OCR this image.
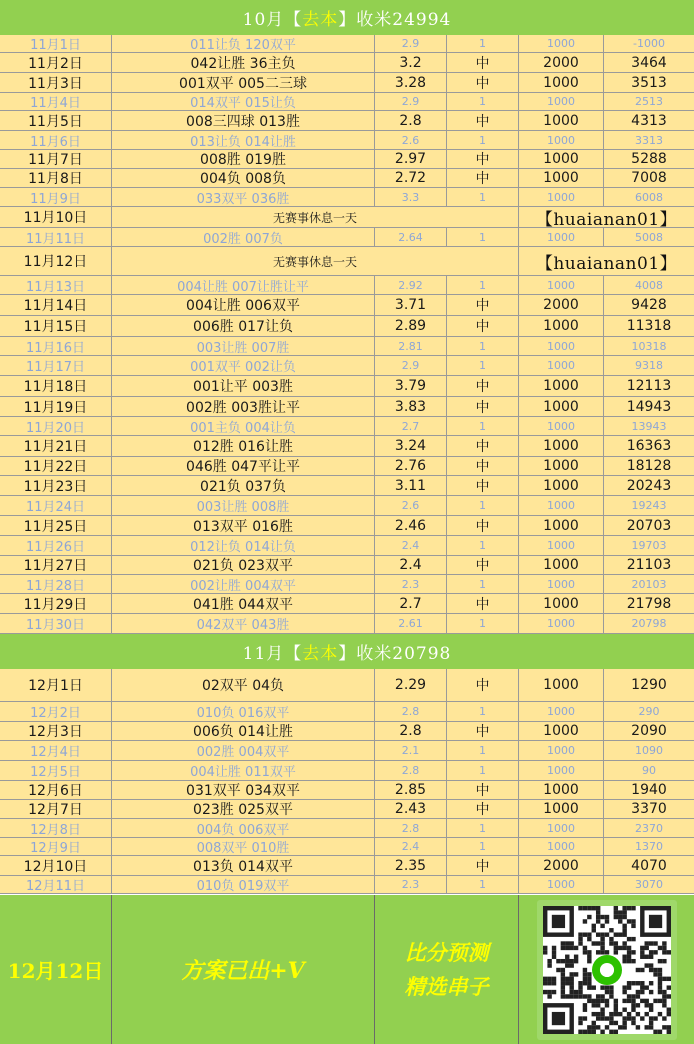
10月【 去本 】收米24994
11月1日	011让负 120双平	2.9	1	1000	-1000
11月2日	042让胜 36主负	3.2	中	2000	3464
11月3日	001双平 005二三球	3.28	中	1000	3513
11月4日	014双平 015让负	2.9	1	1000	2513
11月5日	008三四球 013胜	2.8	中	1000	4313
11月6日	013让负 014让胜	2.6	1	1000	3313
11月7日	008胜 019胜	2.97	中	1000	5288
11月8日	004负 008负	2.72	中	1000	7008
11月9日	033双平 036胜	3.3	1	1000	6008
11月10日	无赛事休息一天	【huaianan01】
11月11日	002胜 007负	2.64	1	1000	5008
11月12日	无赛事休息一天	【huaianan01】
11月13日	004让胜 007让胜让平	2.92	1	1000	4008
11月14日	004让胜 006双平	3.71	中	2000	9428
11月15日	006胜 017让负	2.89	中	1000	11318
11月16日	003让胜 007胜	2.81	1	1000	10318
11月17日	001双平 002让负	2.9	1	1000	9318
11月18日	001让平 003胜	3.79	中	1000	12113
11月19日	002胜 003胜让平	3.83	中	1000	14943
11月20日	001主负 004让负	2.7	1	1000	13943
11月21日	012胜 016让胜	3.24	中	1000	16363
11月22日	046胜 047平让平	2.76	中	1000	18128
11月23日	021负 037负	3.11	中	1000	20243
11月24日	003让胜 008胜	2.6	1	1000	19243
11月25日	013双平 016胜	2.46	中	1000	20703
11月26日	012让负 014让负	2.4	1	1000	19703
11月27日	021负 023双平	2.4	中	1000	21103
11月28日	002让胜 004双平	2.3	1	1000	20103
11月29日	041胜 044双平	2.7	中	1000	21798
11月30日	042双平 043胜	2.61	1	1000	20798
11月【 去本 】收米20798
12月1日	02双平 04负	2.29	中	1000	1290
12月2日	010负 016双平	2.8	1	1000	290
12月3日	006负 014让胜	2.8	中	1000	2090
12月4日	002胜 004双平	2.1	1	1000	1090
12月5日	004让胜 011双平	2.8	1	1000	90
12月6日	031双平 034双平	2.85	中	1000	1940
12月7日	023胜 025双平	2.43	中	1000	3370
12月8日	004负 006双平	2.8	1	1000	2370
12月9日	008双平 010胜	2.4	1	1000	1370
12月10日	013负 014双平	2.35	中	2000	4070
12月11日	010负 019双平	2.3	1	1000	3070
12月12日	方案已出+V
比分预测
精选串子
